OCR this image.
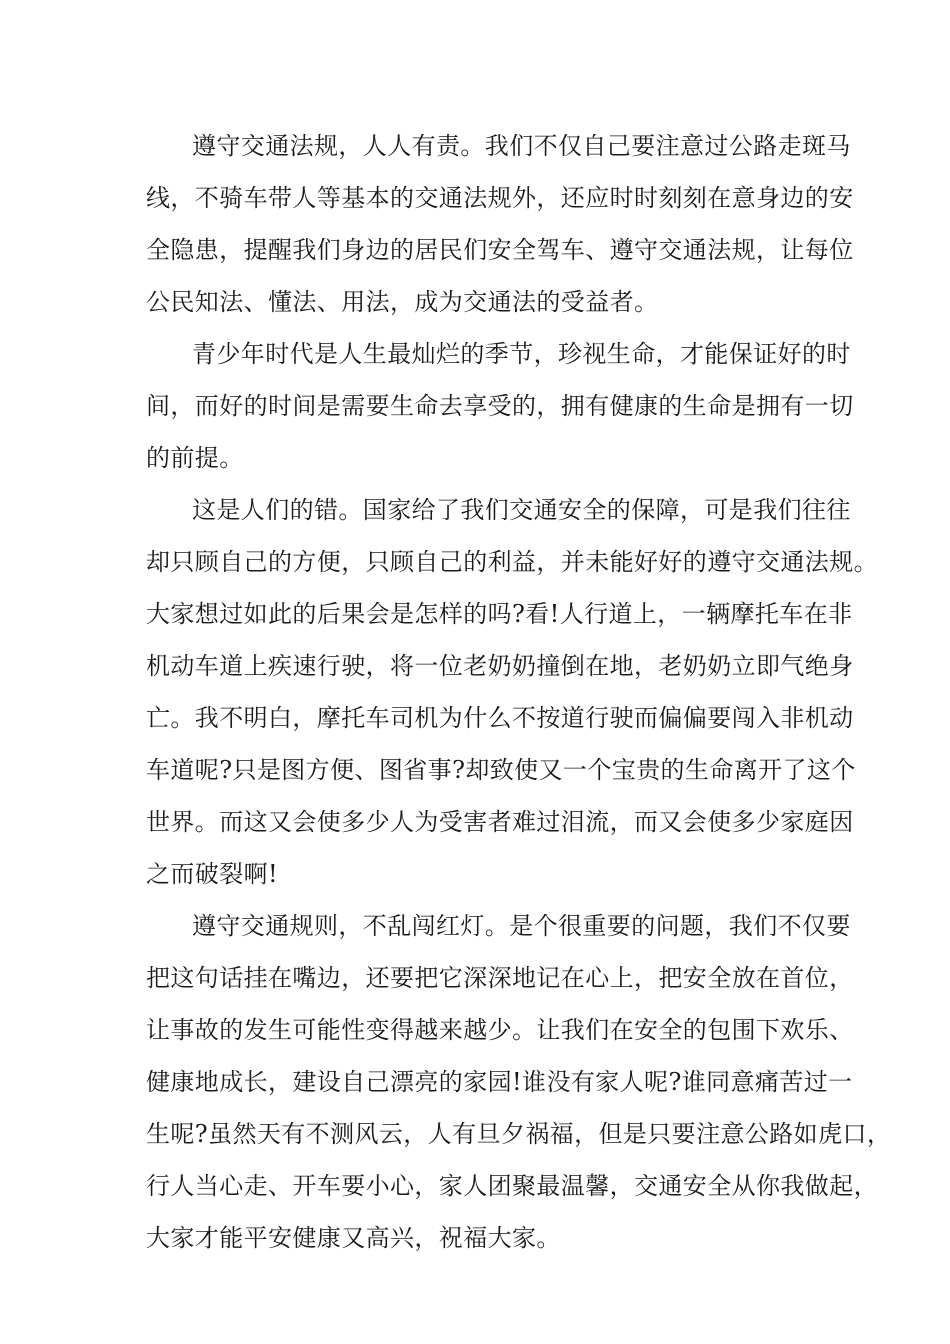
遵守交通法规，人人有责。我们不仅自己要注意过公路走斑马
线，不骑车带人等基本的交通法规外，还应时时刻刻在意身边的安
全隐患，提醒我们身边的居民们安全驾车、遵守交通法规，让每位
公民知法、懂法、用法，成为交通法的受益者。
青少年时代是人生最灿烂的季节，珍视生命，才能保证好的时
间，而好的时间是需要生命去享受的，拥有健康的生命是拥有一切
的前提。
这是人们的错。国家给了我们交通安全的保障，可是我们往往
却只顾自己的方便，只顾自己的利益，并未能好好的遵守交通法规。
大家想过如此的后果会是怎样的吗?看!人行道上，一辆摩托车在非
机动车道上疾速行驶，将一位老奶奶撞倒在地，老奶奶立即气绝身
亡。我不明白，摩托车司机为什么不按道行驶而偏偏要闯入非机动
车道呢?只是图方便、图省事?却致使又一个宝贵的生命离开了这个
世界。而这又会使多少人为受害者难过泪流，而又会使多少家庭因
之而破裂啊!
遵守交通规则，不乱闯红灯。是个很重要的问题，我们不仅要
把这句话挂在嘴边，还要把它深深地记在心上，把安全放在首位，
让事故的发生可能性变得越来越少。让我们在安全的包围下欢乐、
健康地成长，建设自己漂亮的家园!谁没有家人呢?谁同意痛苦过一
生呢?虽然天有不测风云，人有旦夕祸福，但是只要注意公路如虎口，
行人当心走、开车要小心，家人团聚最温馨，交通安全从你我做起，
大家才能平安健康又高兴，祝福大家。
